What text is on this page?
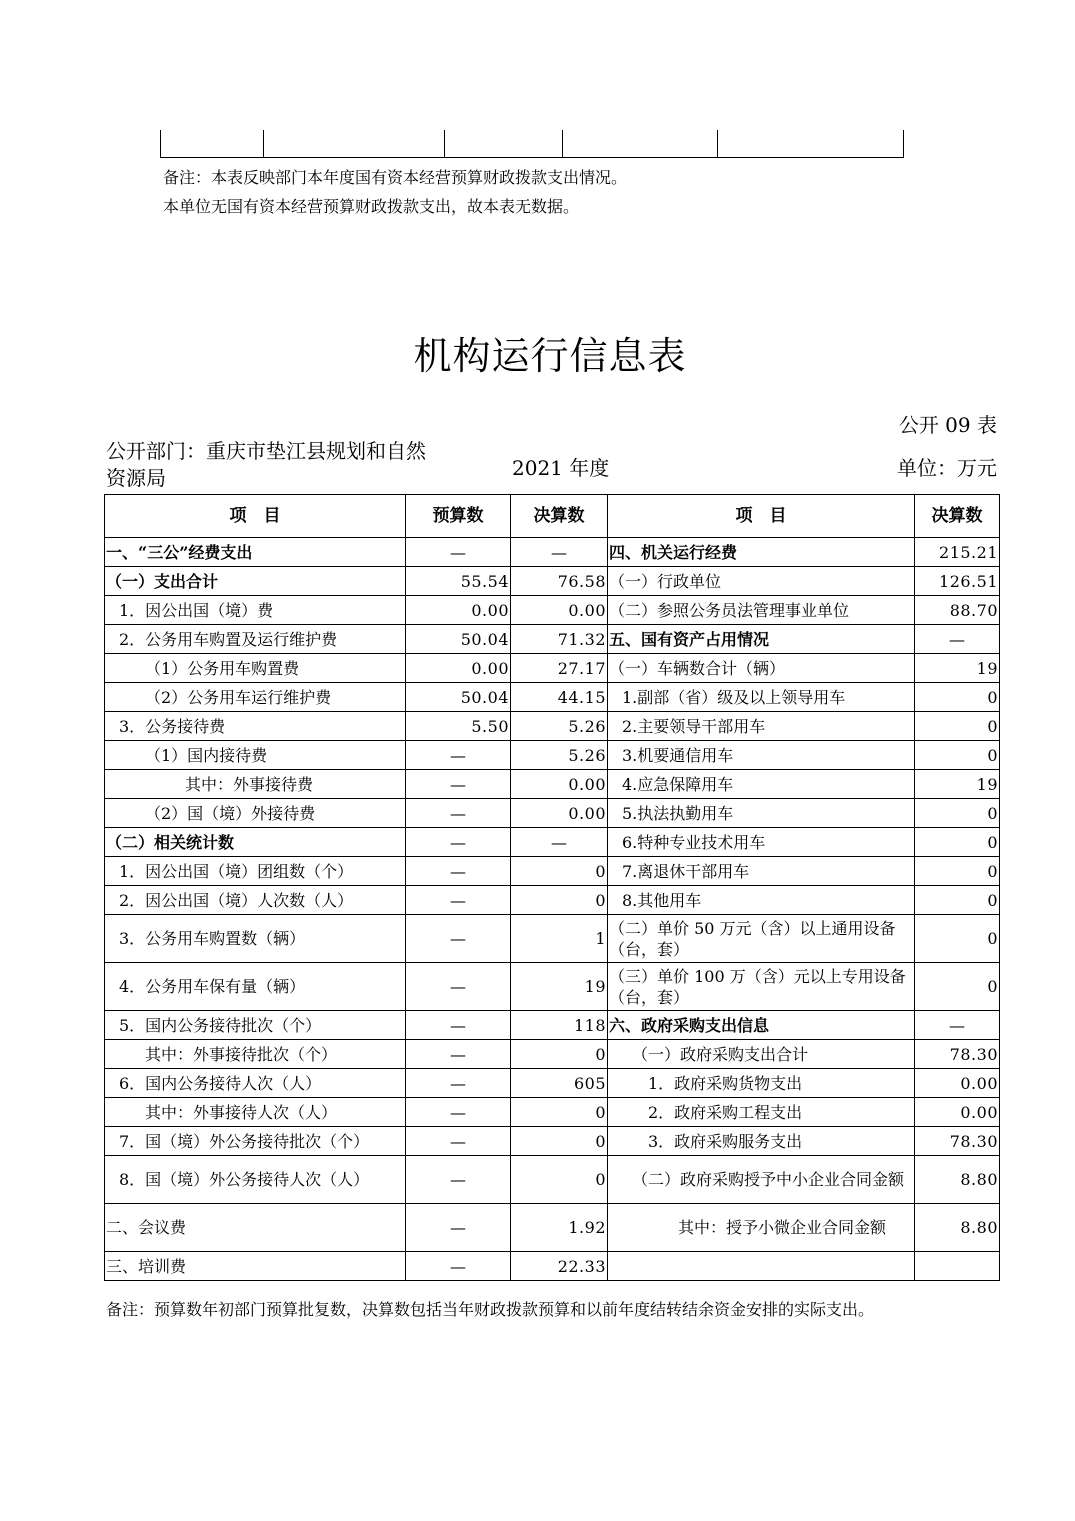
备注：本表反映部门本年度国有资本经营预算财政拨款支出情况。
本单位无国有资本经营预算财政拨款支出，故本表无数据。
机构运行信息表
公开 09 表
公开部门：重庆市垫江县规划和自然资源局	2021 年度	单位：万元
项　目	预算数	决算数	项　目	决算数
一、“三公”经费支出	—	—	四、机关运行经费	215.21
（一）支出合计	55.54	76.58	（一）行政单位	126.51
1．因公出国（境）费	0.00	0.00	（二）参照公务员法管理事业单位	88.70
2．公务用车购置及运行维护费	50.04	71.32	五、国有资产占用情况	—
（1）公务用车购置费	0.00	27.17	（一）车辆数合计（辆）	19
（2）公务用车运行维护费	50.04	44.15	1.副部（省）级及以上领导用车	0
3．公务接待费	5.50	5.26	2.主要领导干部用车	0
（1）国内接待费	—	5.26	3.机要通信用车	0
其中：外事接待费	—	0.00	4.应急保障用车	19
（2）国（境）外接待费	—	0.00	5.执法执勤用车	0
（二）相关统计数	—	—	6.特种专业技术用车	0
1．因公出国（境）团组数（个）	—	0	7.离退休干部用车	0
2．因公出国（境）人次数（人）	—	0	8.其他用车	0
3．公务用车购置数（辆）	—	1	（二）单价 50 万元（含）以上通用设备（台，套）	0
4．公务用车保有量（辆）	—	19	（三）单价 100 万（含）元以上专用设备（台，套）	0
5．国内公务接待批次（个）	—	118	六、政府采购支出信息	—
其中：外事接待批次（个）	—	0	（一）政府采购支出合计	78.30
6．国内公务接待人次（人）	—	605	1．政府采购货物支出	0.00
其中：外事接待人次（人）	—	0	2．政府采购工程支出	0.00
7．国（境）外公务接待批次（个）	—	0	3．政府采购服务支出	78.30
8．国（境）外公务接待人次（人）	—	0	（二）政府采购授予中小企业合同金额	8.80
二、会议费	—	1.92	其中：授予小微企业合同金额	8.80
三、培训费	—	22.33		
备注：预算数年初部门预算批复数，决算数包括当年财政拨款预算和以前年度结转结余资金安排的实际支出。
